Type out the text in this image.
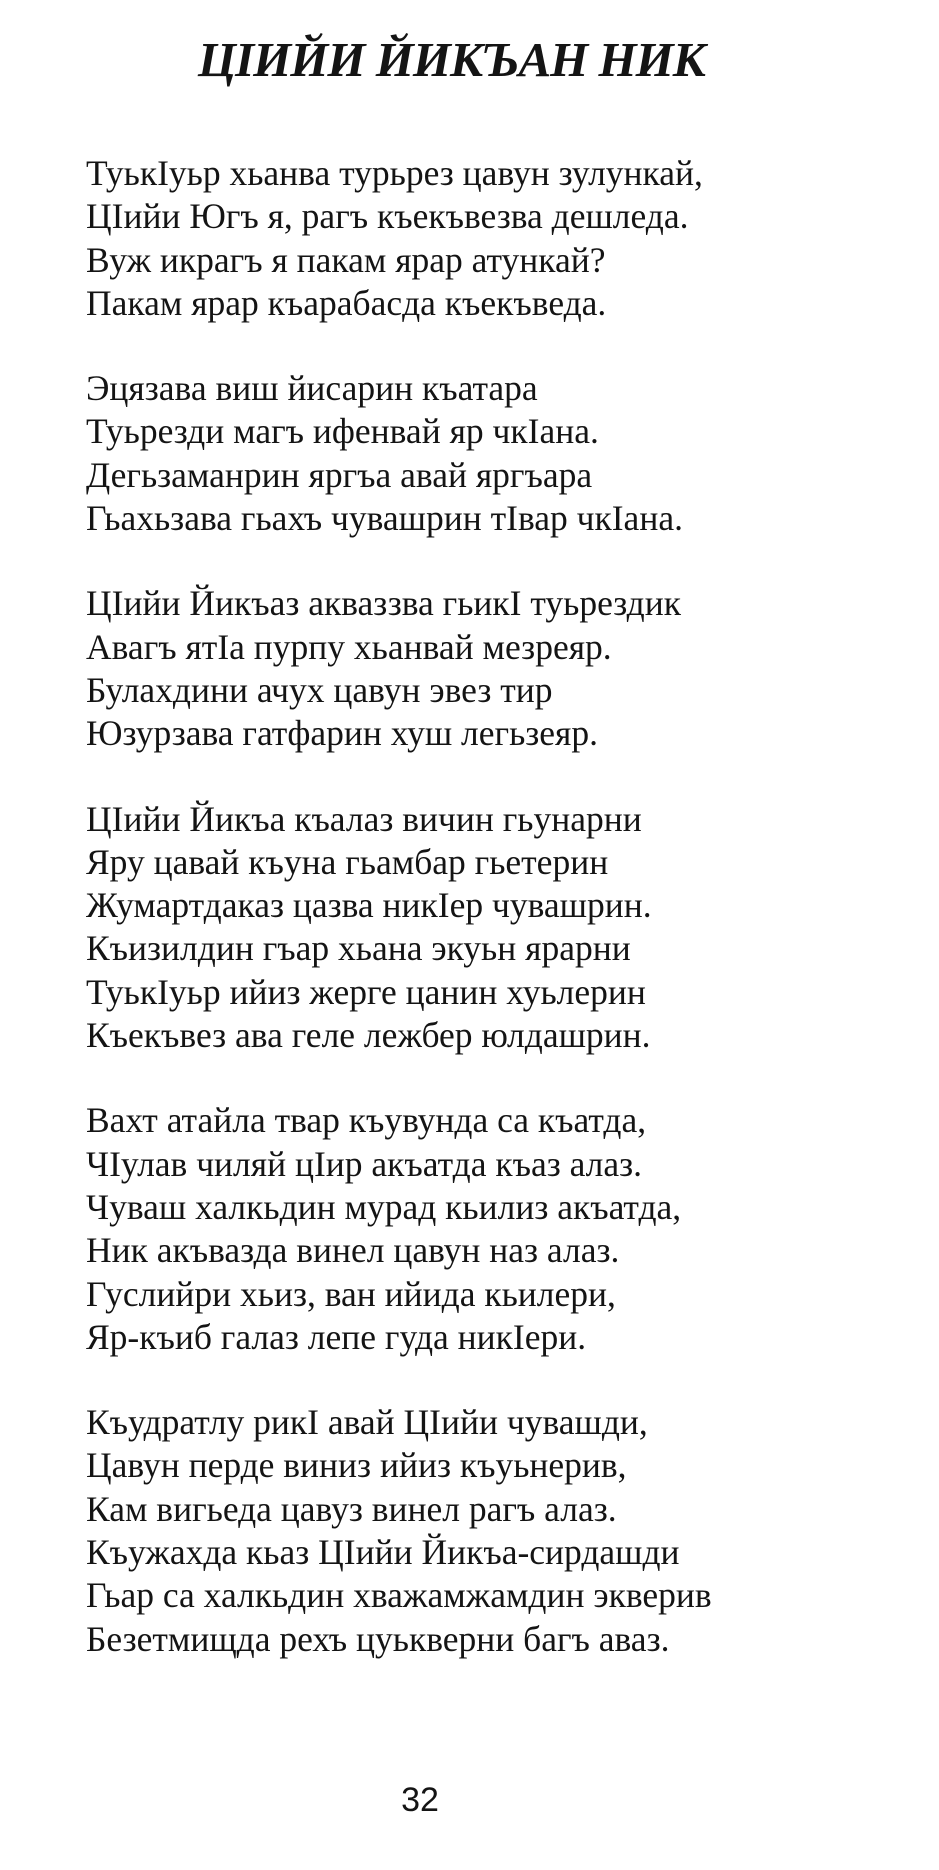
ЦIИЙИ ЙИКЪАН НИК
ТуькIуьр хьанва турьрез цавун зулункай,
ЦIийи Югъ я, рагъ къекъвезва дешледа.
Вуж икрагъ я пакам ярар атункай?
Пакам ярар къарабасда къекъведа.
Эцязава виш йисарин къатара
Туьрезди магъ ифенвай яр чкIана.
Дегьзаманрин яргъа авай яргъара
Гьахьзава гьахъ чувашрин тIвар чкIана.
ЦIийи Йикъаз акваззва гьикI туьрездик
Авагъ ятIа пурпу хьанвай мезреяр.
Булахдини ачух цавун эвез тир
Юзурзава гатфарин хуш легьзеяр.
ЦIийи Йикъа къалаз вичин гьунарни
Яру цавай къуна гьамбар гьетерин
Жумартдаказ цазва никIер чувашрин.
Къизилдин гъар хьана экуьн ярарни
ТуькIуьр ийиз жерге цанин хуьлерин
Къекъвез ава геле лежбер юлдашрин.
Вахт атайла твар къувунда са къатда,
ЧIулав чиляй цIир акъатда къаз алаз.
Чуваш халкьдин мурад кьилиз акъатда,
Ник акъвазда винел цавун наз алаз.
Гуслийри хьиз, ван ийида кьилери,
Яр-къиб галаз лепе гуда никIери.
Къудратлу рикI авай ЦIийи чувашди,
Цавун перде виниз ийиз къуьнерив,
Кам вигьеда цавуз винел рагъ алаз.
Къужахда кьаз ЦIийи Йикъа-сирдашди
Гьар са халкьдин хважамжамдин экверив
Безетмищда рехъ цуькверни багъ аваз.
32
